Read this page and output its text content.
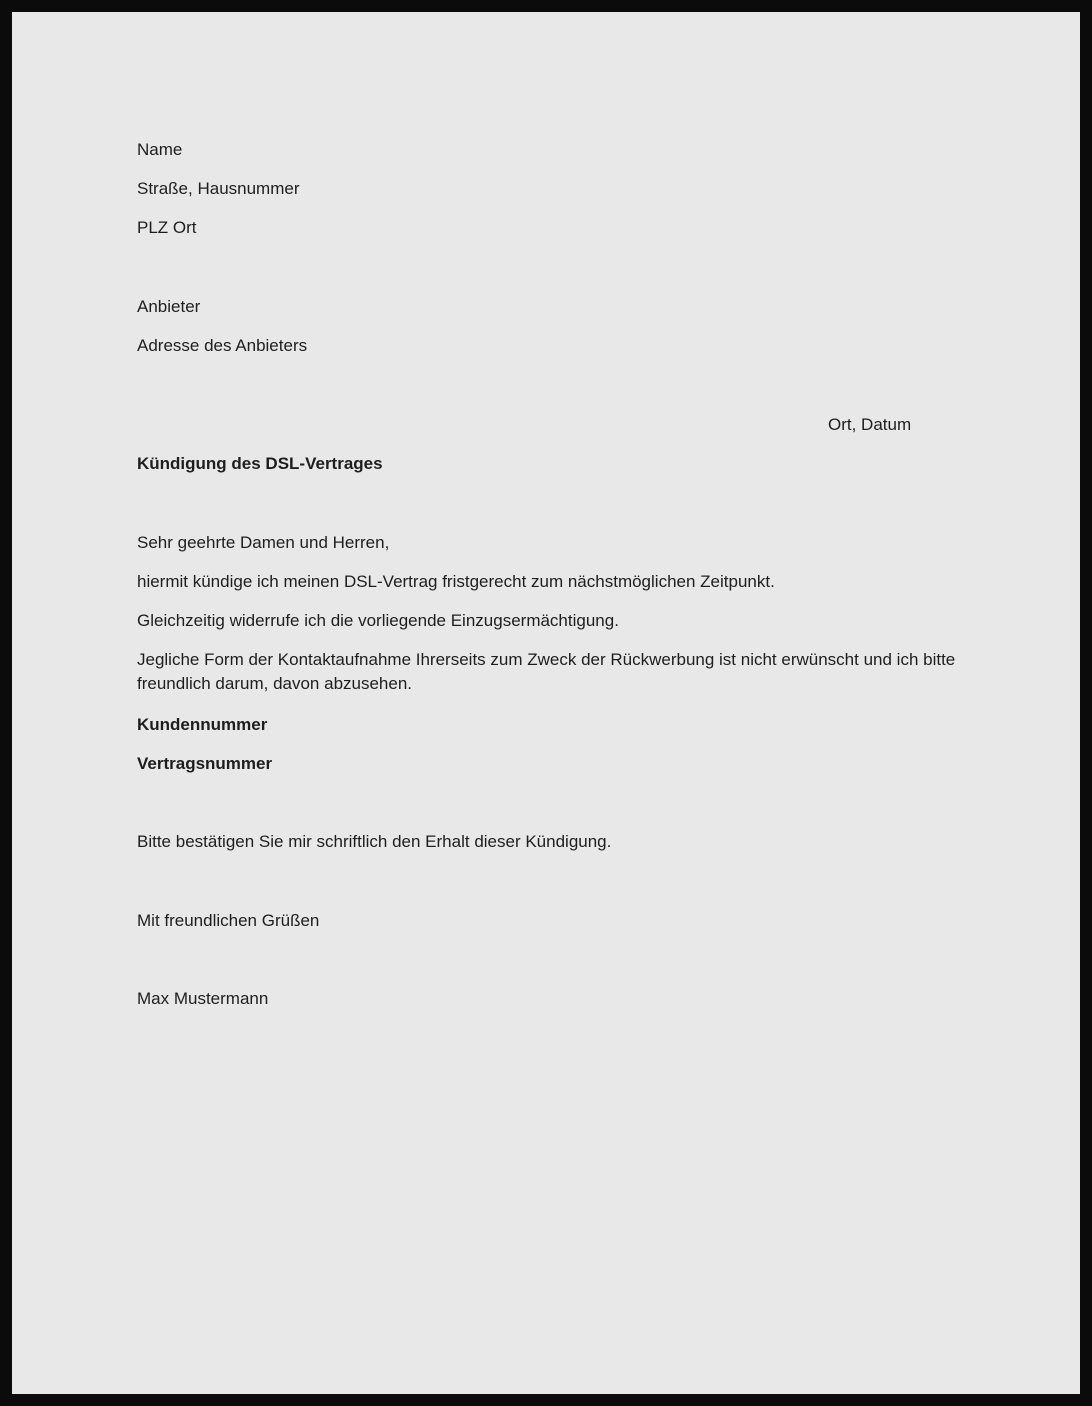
Name
Straße, Hausnummer
PLZ Ort
Anbieter
Adresse des Anbieters
Ort, Datum
Kündigung des DSL-Vertrages
Sehr geehrte Damen und Herren,
hiermit kündige ich meinen DSL-Vertrag fristgerecht zum nächstmöglichen Zeitpunkt.
Gleichzeitig widerrufe ich die vorliegende Einzugsermächtigung.
Jegliche Form der Kontaktaufnahme Ihrerseits zum Zweck der Rückwerbung ist nicht erwünscht und ich bitte freundlich darum, davon abzusehen.
Kundennummer
Vertragsnummer
Bitte bestätigen Sie mir schriftlich den Erhalt dieser Kündigung.
Mit freundlichen Grüßen
Max Mustermann
